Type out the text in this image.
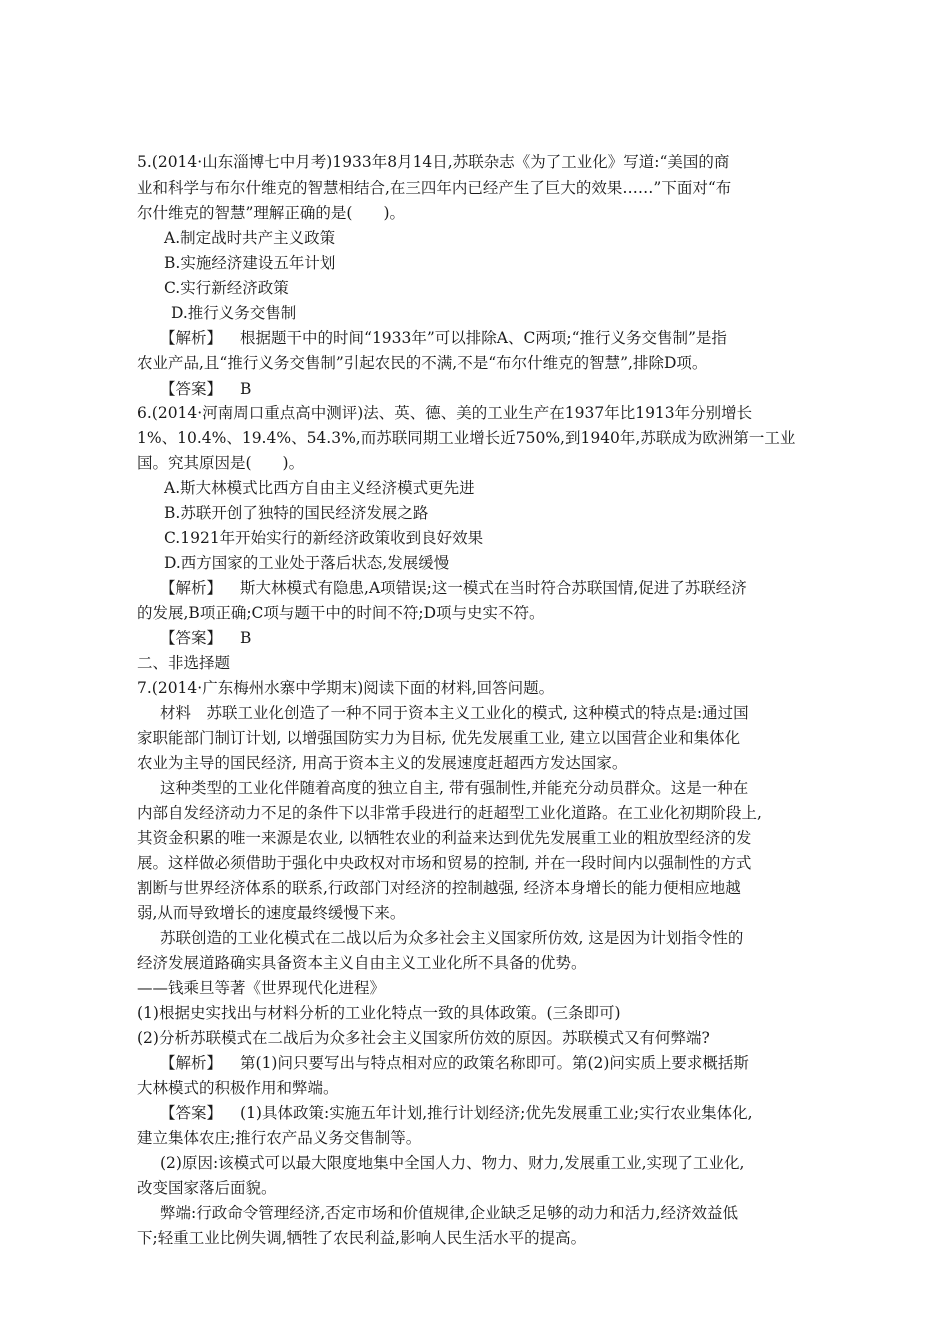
5.(2014·山东淄博七中月考)1933年8月14日,苏联杂志《为了工业化》写道:“美国的商
业和科学与布尔什维克的智慧相结合,在三四年内已经产生了巨大的效果……”下面对“布
尔什维克的智慧”理解正确的是(　　)。
A.制定战时共产主义政策
B.实施经济建设五年计划
C.实行新经济政策
D.推行义务交售制
【解析】 根据题干中的时间“1933年”可以排除A、C两项;“推行义务交售制”是指
农业产品,且“推行义务交售制”引起农民的不满,不是“布尔什维克的智慧”,排除D项。
【答案】 B
6.(2014·河南周口重点高中测评)法、英、德、美的工业生产在1937年比1913年分别增长
1%、10.4%、19.4%、54.3%,而苏联同期工业增长近750%,到1940年,苏联成为欧洲第一工业
国。究其原因是(　　)。
A.斯大林模式比西方自由主义经济模式更先进
B.苏联开创了独特的国民经济发展之路
C.1921年开始实行的新经济政策收到良好效果
D.西方国家的工业处于落后状态,发展缓慢
【解析】 斯大林模式有隐患,A项错误;这一模式在当时符合苏联国情,促进了苏联经济
的发展,B项正确;C项与题干中的时间不符;D项与史实不符。
【答案】 B
二、非选择题
7.(2014·广东梅州水寨中学期末)阅读下面的材料,回答问题。
材料　苏联工业化创造了一种不同于资本主义工业化的模式, 这种模式的特点是:通过国
家职能部门制订计划, 以增强国防实力为目标, 优先发展重工业, 建立以国营企业和集体化
农业为主导的国民经济, 用高于资本主义的发展速度赶超西方发达国家。
这种类型的工业化伴随着高度的独立自主, 带有强制性,并能充分动员群众。这是一种在
内部自发经济动力不足的条件下以非常手段进行的赶超型工业化道路。在工业化初期阶段上,
其资金积累的唯一来源是农业, 以牺牲农业的利益来达到优先发展重工业的粗放型经济的发
展。这样做必须借助于强化中央政权对市场和贸易的控制, 并在一段时间内以强制性的方式
割断与世界经济体系的联系,行政部门对经济的控制越强, 经济本身增长的能力便相应地越
弱,从而导致增长的速度最终缓慢下来。
苏联创造的工业化模式在二战以后为众多社会主义国家所仿效, 这是因为计划指令性的
经济发展道路确实具备资本主义自由主义工业化所不具备的优势。
——钱乘旦等著《世界现代化进程》
(1)根据史实找出与材料分析的工业化特点一致的具体政策。(三条即可)
(2)分析苏联模式在二战后为众多社会主义国家所仿效的原因。苏联模式又有何弊端?
【解析】 第(1)问只要写出与特点相对应的政策名称即可。第(2)问实质上要求概括斯
大林模式的积极作用和弊端。
【答案】 (1)具体政策:实施五年计划,推行计划经济;优先发展重工业;实行农业集体化,
建立集体农庄;推行农产品义务交售制等。
(2)原因:该模式可以最大限度地集中全国人力、物力、财力,发展重工业,实现了工业化,
改变国家落后面貌。
弊端:行政命令管理经济,否定市场和价值规律,企业缺乏足够的动力和活力,经济效益低
下;轻重工业比例失调,牺牲了农民利益,影响人民生活水平的提高。
